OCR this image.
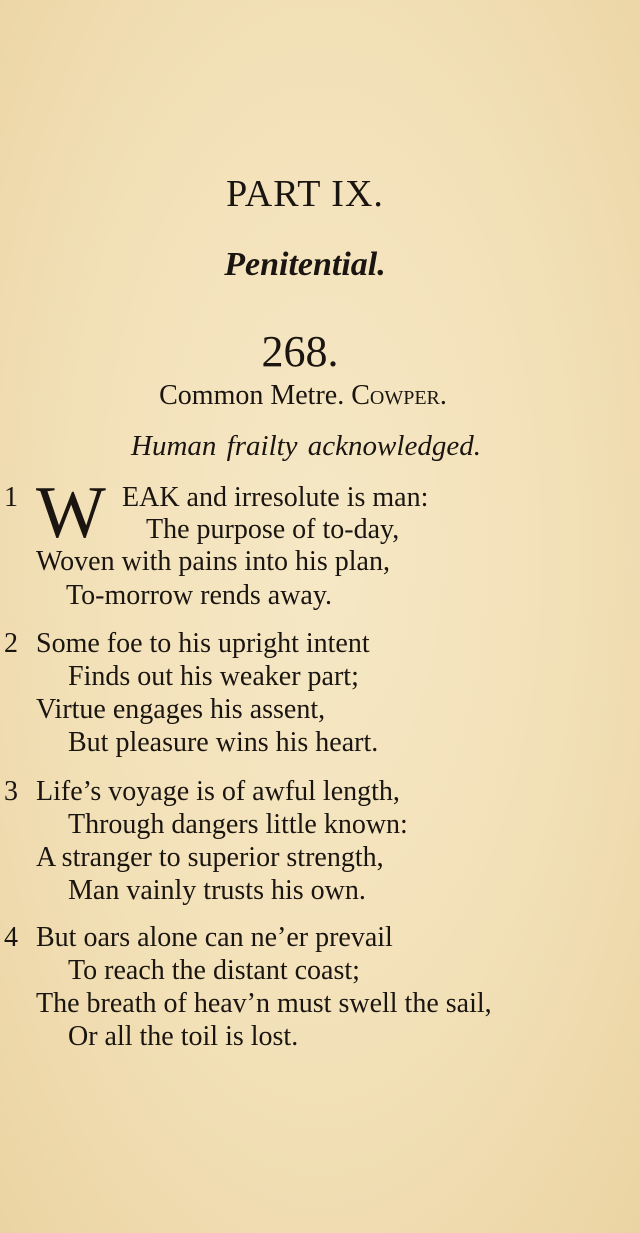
PART IX.
Penitential.
268.
Common Metre. Cowper.
Human frailty acknowledged.
1 W EAK and irresolute is man:
The purpose of to-day,
Woven with pains into his plan,
To-morrow rends away.
2 Some foe to his upright intent
Finds out his weaker part;
Virtue engages his assent,
But pleasure wins his heart.
3 Life’s voyage is of awful length,
Through dangers little known:
A stranger to superior strength,
Man vainly trusts his own.
4 But oars alone can ne’er prevail
To reach the distant coast;
The breath of heav’n must swell the sail,
Or all the toil is lost.
